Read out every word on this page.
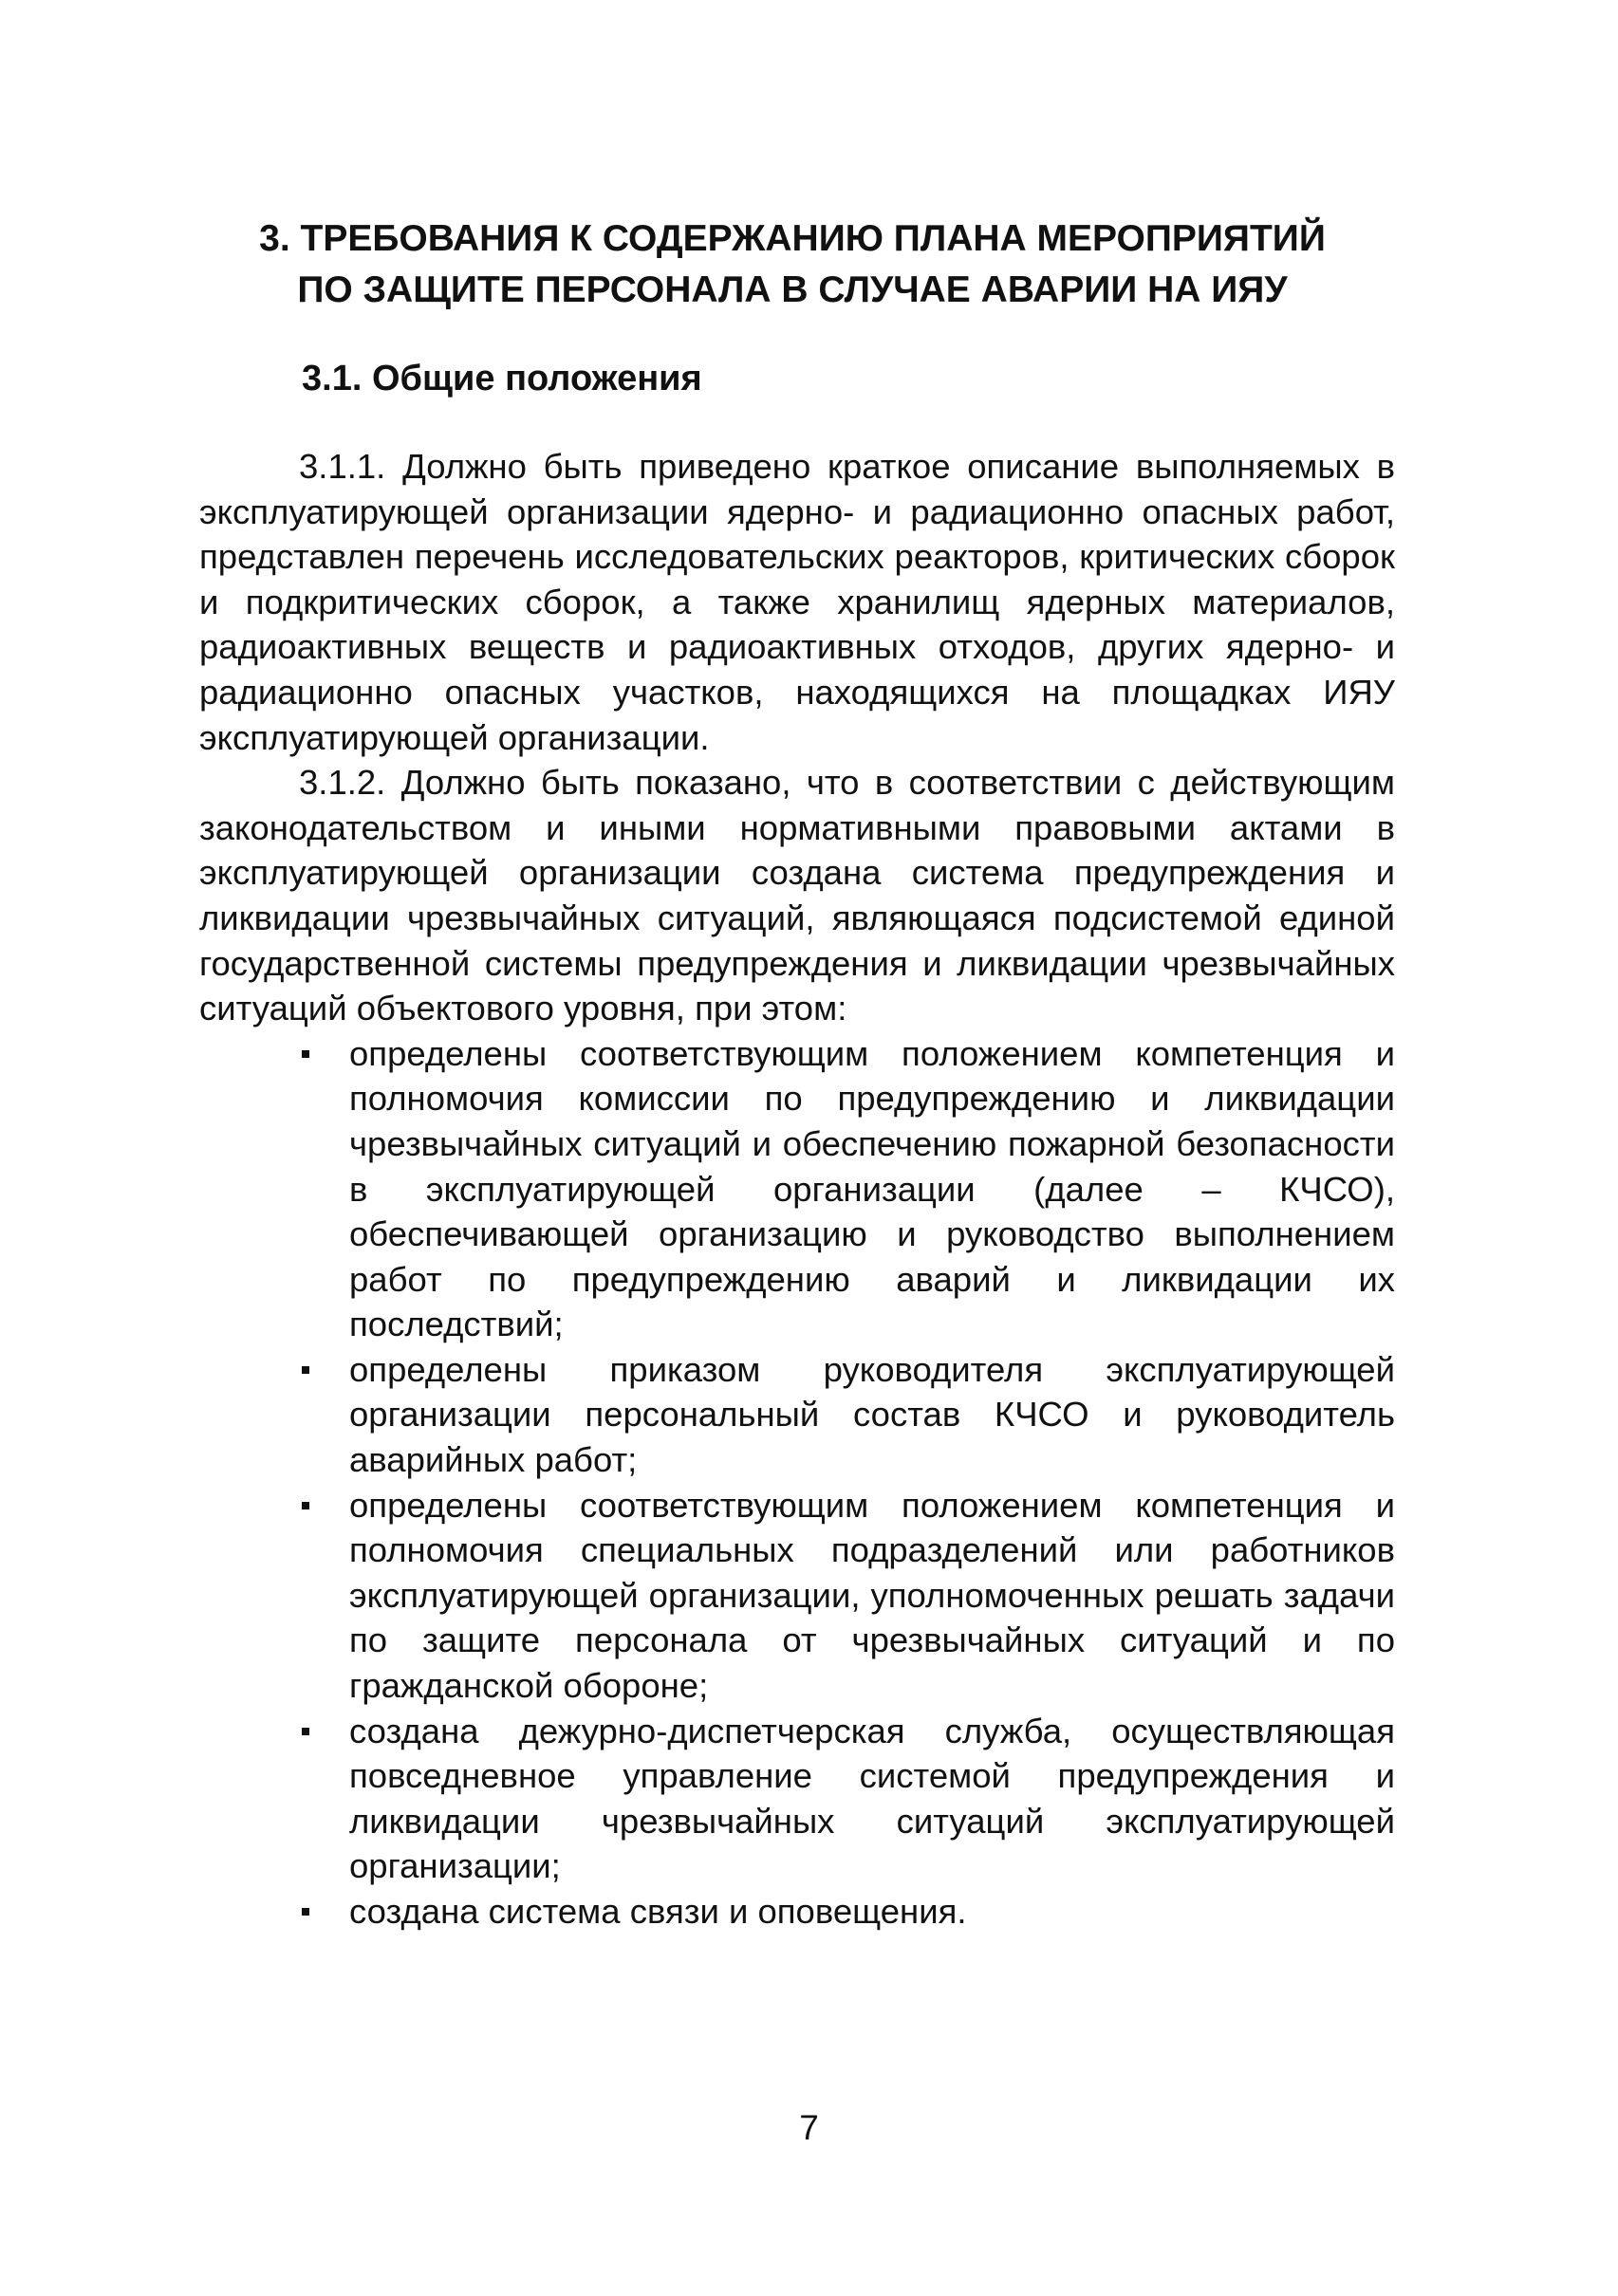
3. ТРЕБОВАНИЯ К СОДЕРЖАНИЮ ПЛАНА МЕРОПРИЯТИЙ
ПО ЗАЩИТЕ ПЕРСОНАЛА В СЛУЧАЕ АВАРИИ НА ИЯУ
3.1. Общие положения

3.1.1. Должно быть приведено краткое описание выполняемых в эксплуатирующей организации ядерно- и радиационно опасных работ, представлен перечень исследовательских реакторов, критических сборок и подкритических сборок, а также хранилищ ядерных материалов, радиоактивных веществ и радиоактивных отходов, других ядерно- и радиационно опасных участков, находящихся на площадках ИЯУ эксплуатирующей организации.

3.1.2. Должно быть показано, что в соответствии с действующим законодательством и иными нормативными правовыми актами в эксплуатирующей организации создана система предупреждения и ликвидации чрезвычайных ситуаций, являющаяся подсистемой единой государственной системы предупреждения и ликвидации чрезвычайных ситуаций объектового уровня, при этом:

определены соответствующим положением компетенция и полномочия комиссии по предупреждению и ликвидации чрезвычайных ситуаций и обеспечению пожарной безопасности в эксплуатирующей организации (далее – КЧСО), обеспечивающей организацию и руководство выполнением работ по предупреждению аварий и ликвидации их последствий;
определены приказом руководителя эксплуатирующей организации персональный состав КЧСО и руководитель аварийных работ;
определены соответствующим положением компетенция и полномочия специальных подразделений или работников эксплуатирующей организации, уполномоченных решать задачи по защите персонала от чрезвычайных ситуаций и по гражданской обороне;
создана дежурно-диспетчерская служба, осуществляющая повседневное управление системой предупреждения и ликвидации чрезвычайных ситуаций эксплуатирующей организации;
создана система связи и оповещения.
7
